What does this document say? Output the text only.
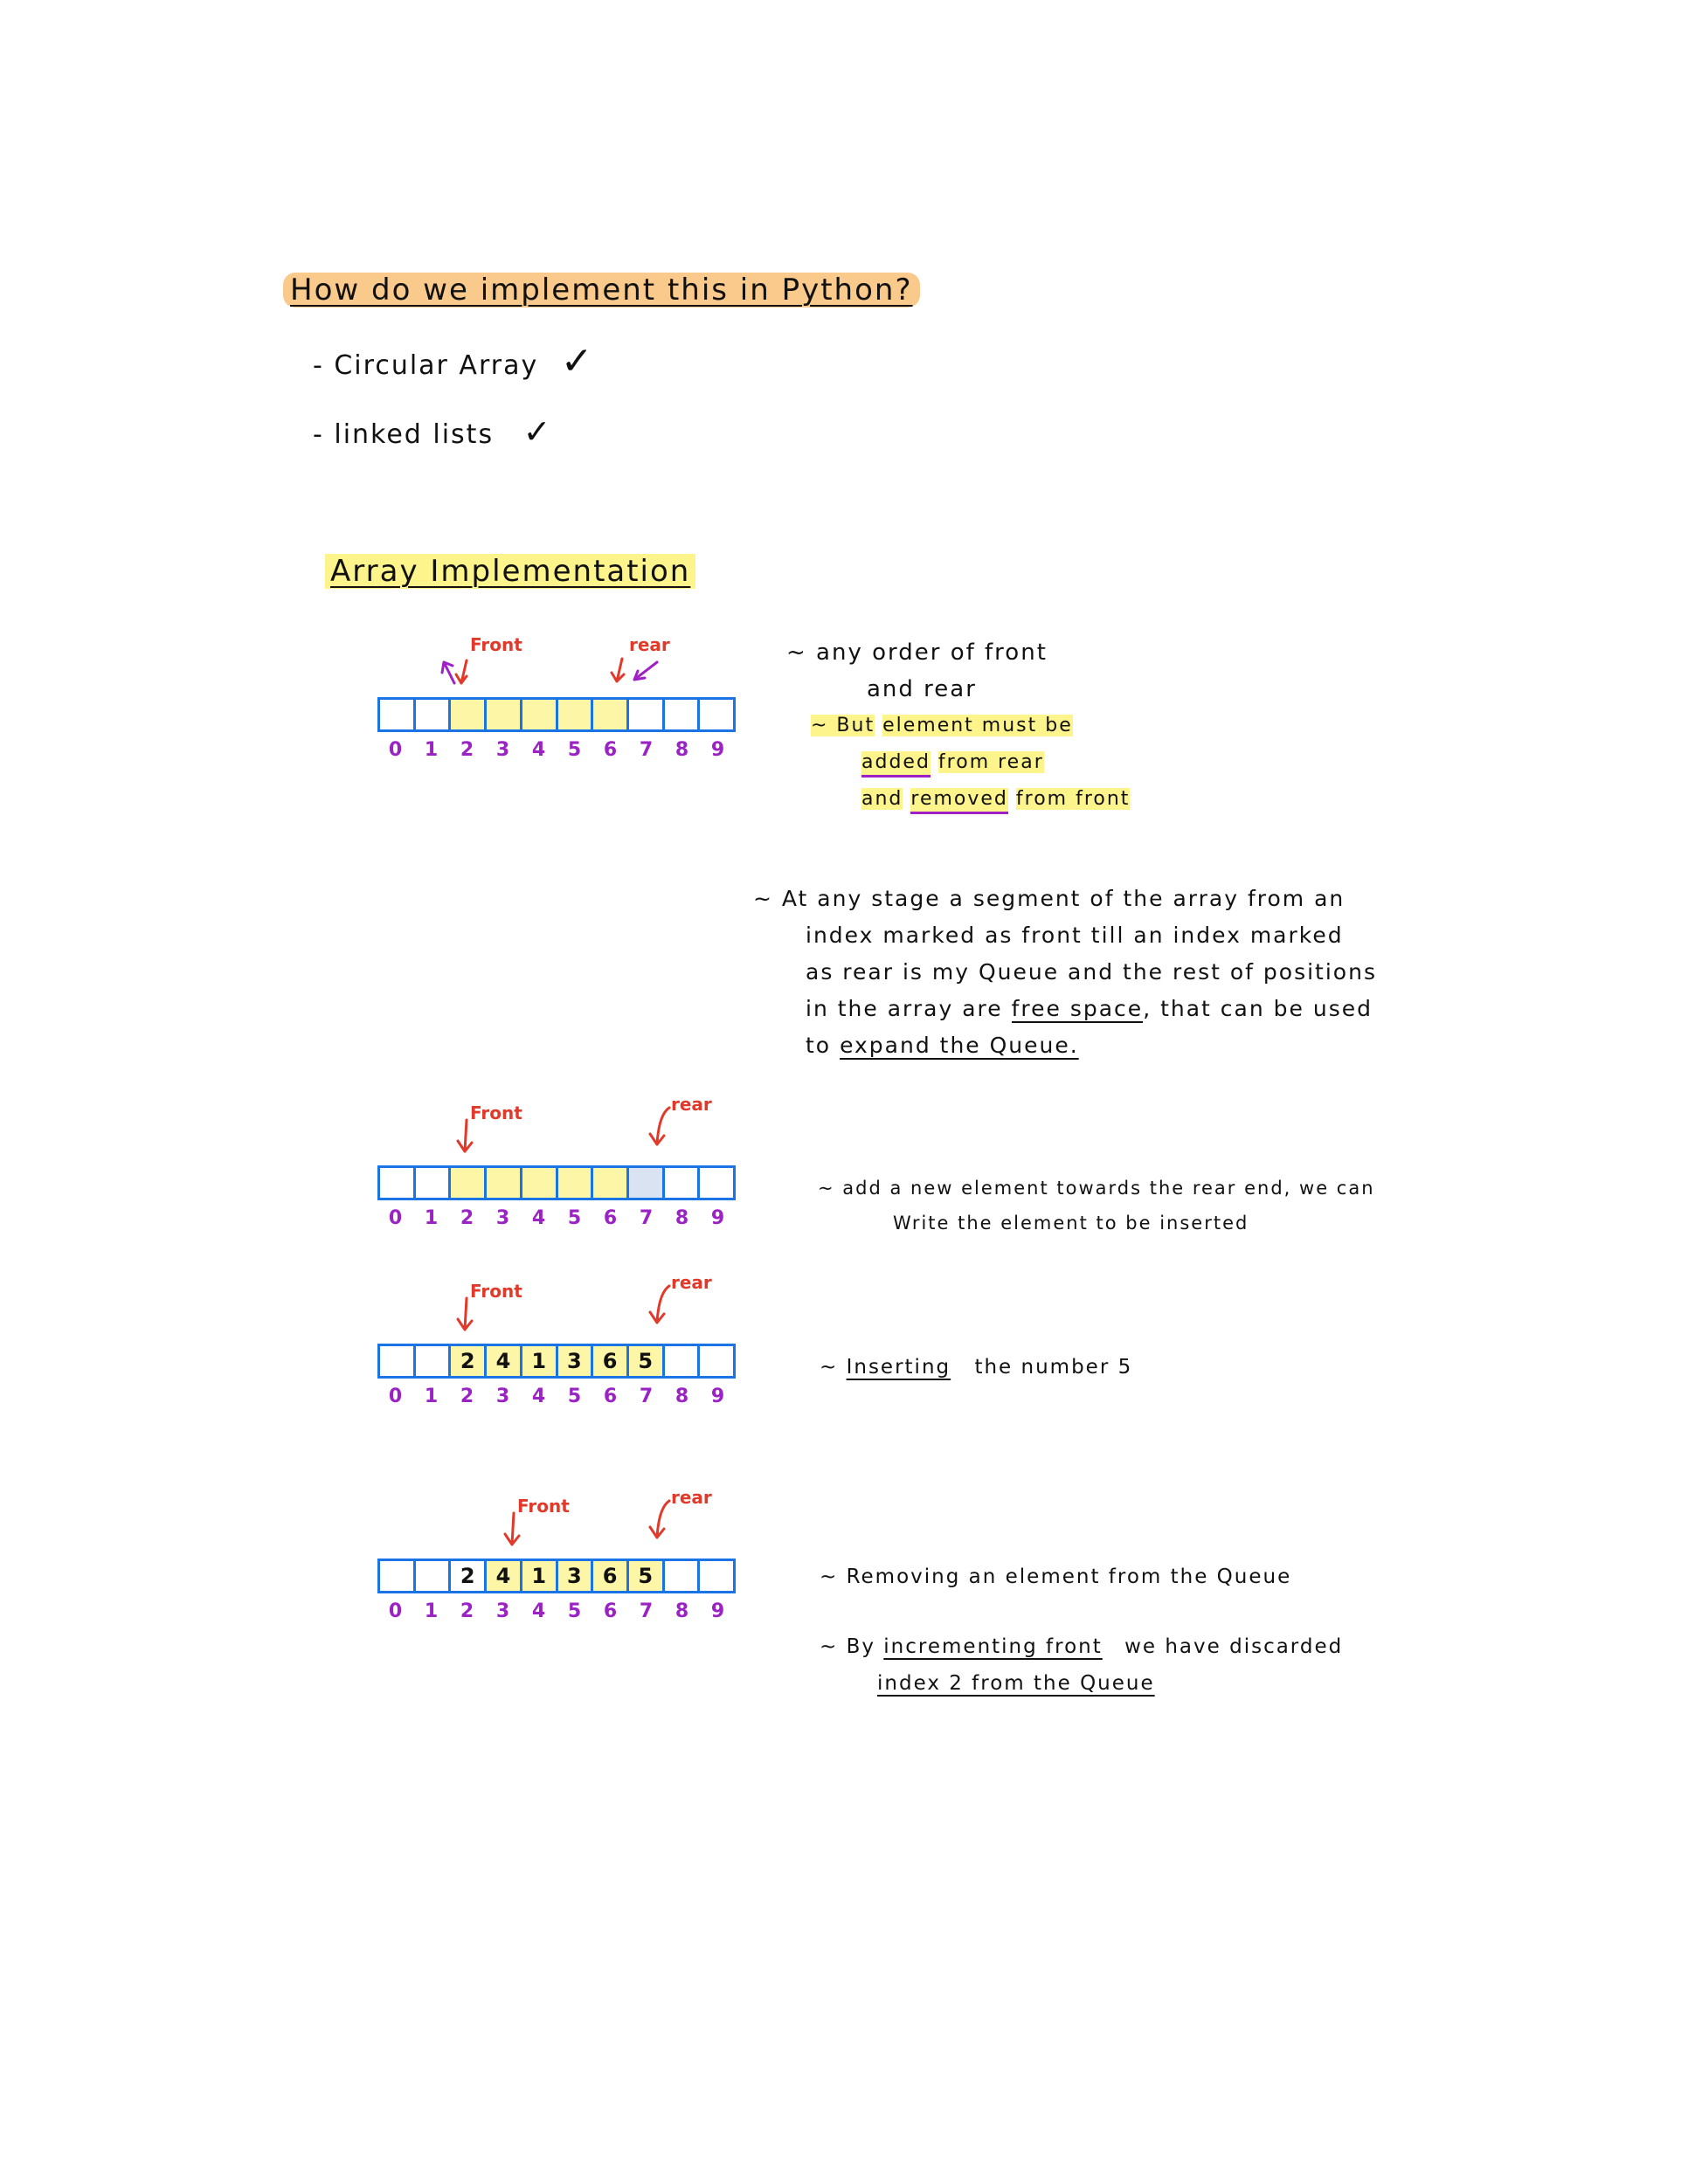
How do we implement this in Python?
- Circular Array ✓
- linked lists ✓
Array Implementation
Front	rear
0	1	2	3	4	5	6	7	8	9
~ any order of front
and rear
~ But element must be
added from rear
and removed from front
~ At any stage a segment of the array from an
index marked as front till an index marked
as rear is my Queue and the rest of positions
in the array are free space, that can be used
to expand the Queue.
Front	rear
0	1	2	3	4	5	6	7	8	9
~ add a new element towards the rear end, we can
Write the element to be inserted
Front	rear
2	4	1	3	6	5
0	1	2	3	4	5	6	7	8	9
~ Inserting the number 5
Front	rear
2	4	1	3	6	5
0	1	2	3	4	5	6	7	8	9
~ Removing an element from the Queue
~ By incrementing front we have discarded
index 2 from the Queue
